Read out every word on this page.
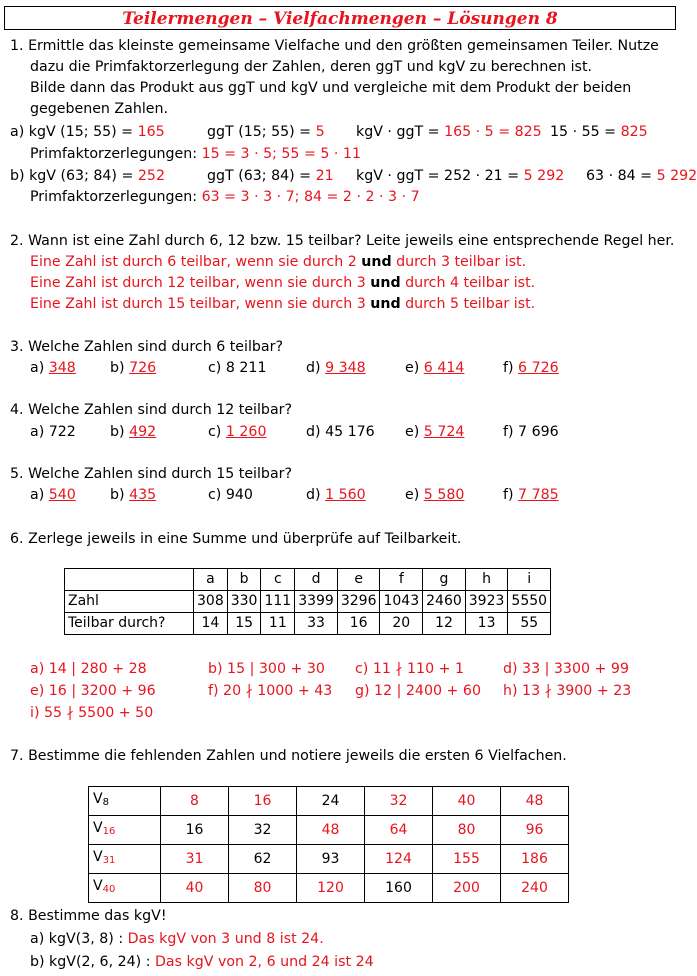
Teilermengen – Vielfachmengen – Lösungen 8
1. Ermittle das kleinste gemeinsame Vielfache und den größten gemeinsamen Teiler. Nutze
dazu die Primfaktorzerlegung der Zahlen, deren ggT und kgV zu berechnen ist.
Bilde dann das Produkt aus ggT und kgV und vergleiche mit dem Produkt der beiden
gegebenen Zahlen.
a) kgV (15; 55) = 165	ggT (15; 55) = 5 kgV · ggT = 165 · 5 = 825 15 · 55 = 825
Primfaktorzerlegungen: 15 = 3 · 5; 55 = 5 · 11
b) kgV (63; 84) = 252	ggT (63; 84) = 21 kgV · ggT = 252 · 21 = 5 292 63 · 84 = 5 292
Primfaktorzerlegungen: 63 = 3 · 3 · 7; 84 = 2 · 2 · 3 · 7
2. Wann ist eine Zahl durch 6, 12 bzw. 15 teilbar? Leite jeweils eine entsprechende Regel her.
Eine Zahl ist durch 6 teilbar, wenn sie durch 2 und durch 3 teilbar ist.
Eine Zahl ist durch 12 teilbar, wenn sie durch 3 und durch 4 teilbar ist.
Eine Zahl ist durch 15 teilbar, wenn sie durch 3 und durch 5 teilbar ist.
3. Welche Zahlen sind durch 6 teilbar?
a) 348 b) 726	c) 8 211	d) 9 348	e) 6 414	f) 6 726
4. Welche Zahlen sind durch 12 teilbar?
a) 722 b) 492	c) 1 260	d) 45 176 e) 5 724	f) 7 696
5. Welche Zahlen sind durch 15 teilbar?
a) 540 b) 435	c) 940	d) 1 560	e) 5 580	f) 7 785
6. Zerlege jeweils in eine Summe und überprüfe auf Teilbarkeit.
	a	b	c	d	e	f	g	h	i
Zahl	308	330	111	3399	3296	1043	2460	3923	5550
Teilbar durch?	14	15	11	33	16	20	12	13	55
a) 14 | 280 + 28	b) 15 | 300 + 30 c) 11 ∤ 110 + 1	d) 33 | 3300 + 99
e) 16 | 3200 + 96	f) 20 ∤ 1000 + 43 g) 12 | 2400 + 60 h) 13 ∤ 3900 + 23
i) 55 ∤ 5500 + 50
7. Bestimme die fehlenden Zahlen und notiere jeweils die ersten 6 Vielfachen.
$V_8$	8	16	24	32	40	48
$V_{16}$	16	32	48	64	80	96
$V_{31}$	31	62	93	124	155	186
$V_{40}$	40	80	120	160	200	240
8. Bestimme das kgV!
a) kgV(3, 8) : Das kgV von 3 und 8 ist 24.
b) kgV(2, 6, 24) : Das kgV von 2, 6 und 24 ist 24
